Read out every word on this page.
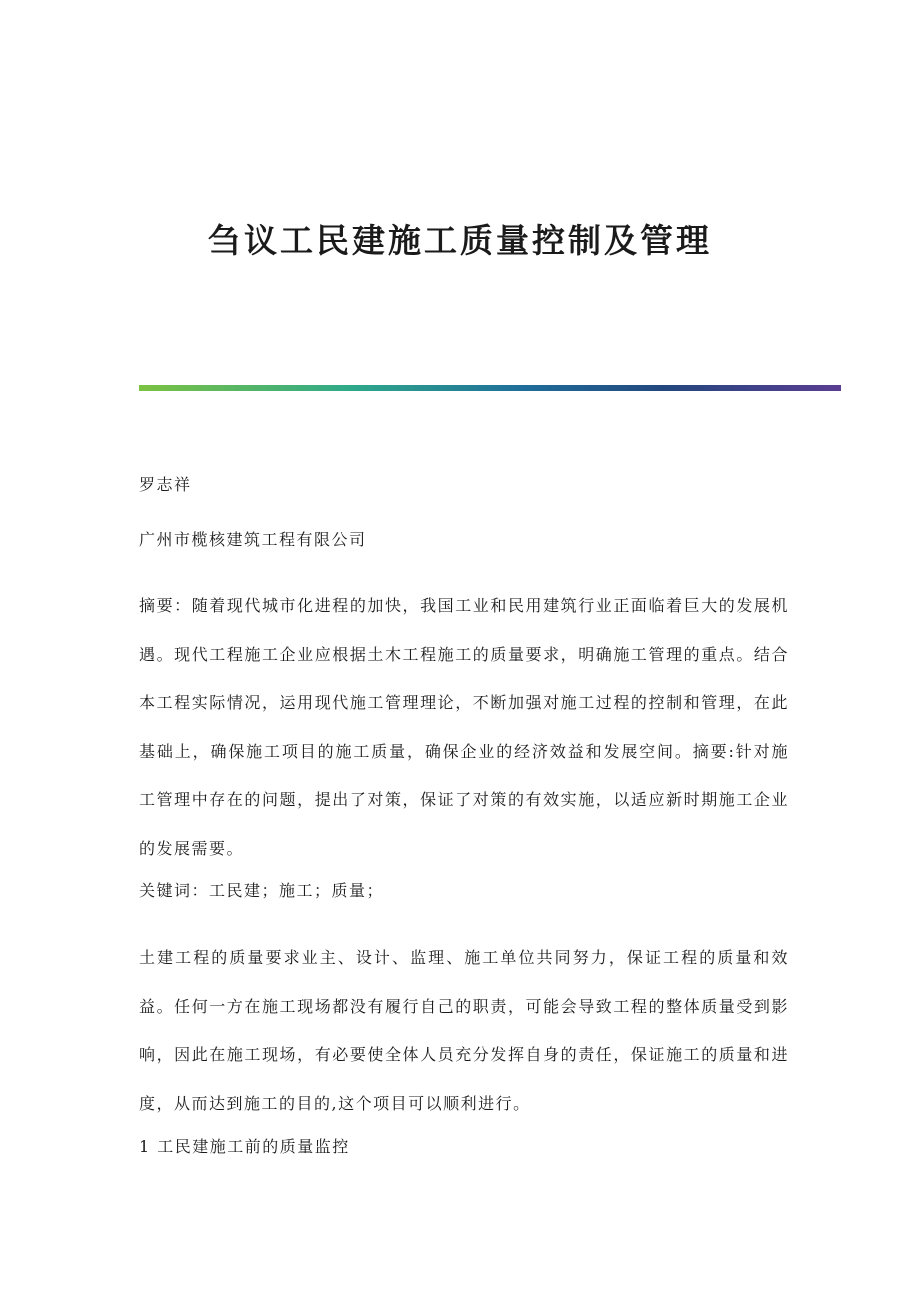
刍议工民建施工质量控制及管理
罗志祥
广州市榄核建筑工程有限公司
摘要：随着现代城市化进程的加快，我国工业和民用建筑行业正面临着巨大的发展机遇。现代工程施工企业应根据土木工程施工的质量要求，明确施工管理的重点。结合本工程实际情况，运用现代施工管理理论，不断加强对施工过程的控制和管理，在此基础上，确保施工项目的施工质量，确保企业的经济效益和发展空间。摘要:针对施工管理中存在的问题，提出了对策，保证了对策的有效实施，以适应新时期施工企业的发展需要。
关键词：工民建；施工；质量；
土建工程的质量要求业主、设计、监理、施工单位共同努力，保证工程的质量和效益。任何一方在施工现场都没有履行自己的职责，可能会导致工程的整体质量受到影响，因此在施工现场，有必要使全体人员充分发挥自身的责任，保证施工的质量和进度，从而达到施工的目的,这个项目可以顺利进行。
1 工民建施工前的质量监控
